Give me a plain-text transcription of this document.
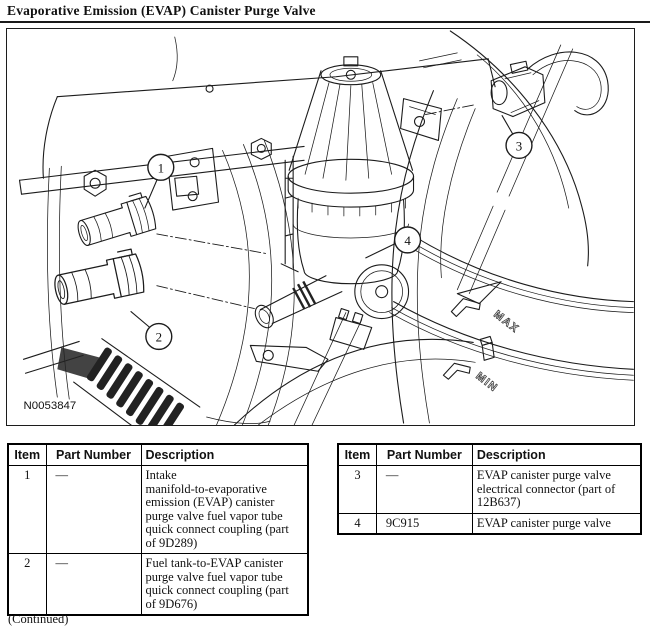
Evaporative Emission (EVAP) Canister Purge Valve
MAX
MIN
1
2
3
4
N0053847
Item	Part Number	Description
1	—	Intake
manifold-to-evaporative
emission (EVAP) canister
purge valve fuel vapor tube
quick connect coupling (part
of 9D289)
2	—	Fuel tank-to-EVAP canister
purge valve fuel vapor tube
quick connect coupling (part
of 9D676)
Item	Part Number	Description
3	—	EVAP canister purge valve
electrical connector (part of
12B637)
4	9C915	EVAP canister purge valve
(Continued)
